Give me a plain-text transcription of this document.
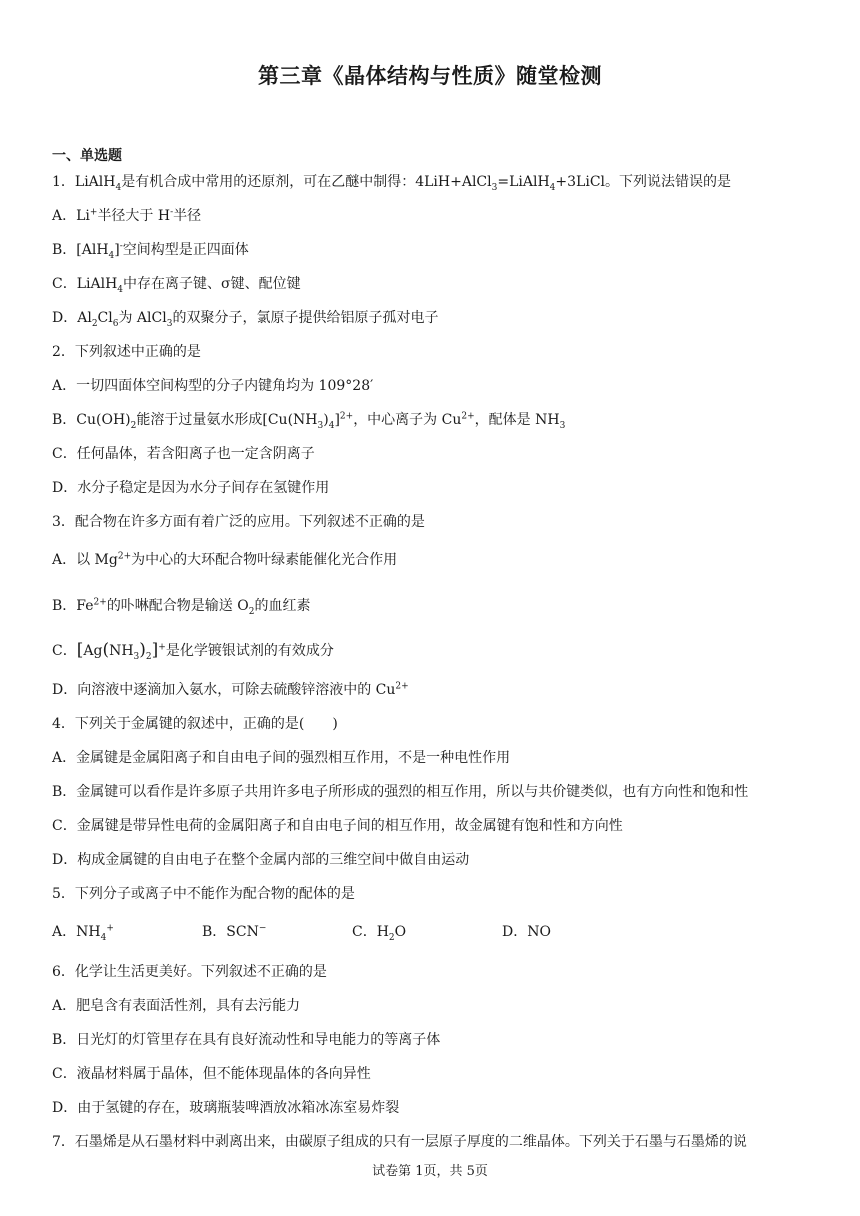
第三章《晶体结构与性质》随堂检测
一、单选题
1．LiAlH$_4$是有机合成中常用的还原剂，可在乙醚中制得：4LiH+AlCl$_3$=LiAlH$_4$+3LiCl。下列说法错误的是
A．Li+半径大于 H-半径
B．[AlH$_4$]-空间构型是正四面体
C．LiAlH$_4$中存在离子键、σ键、配位键
D．$Al_2Cl_6$为 AlCl$_3$的双聚分子，氯原子提供给铝原子孤对电子
2．下列叙述中正确的是
A．一切四面体空间构型的分子内键角均为 109°28′
B．$Cu(OH)_2$能溶于过量氨水形成$[Cu(NH_3)_4]^{2+}$，中心离子为 $Cu^{2+}$，配体是 $NH_3$
C．任何晶体，若含阳离子也一定含阴离子
D．水分子稳定是因为水分子间存在氢键作用
3．配合物在许多方面有着广泛的应用。下列叙述不正确的是
A．以 $Mg^{2+}$为中心的大环配合物叶绿素能催化光合作用
B．$Fe^{2+}$的卟啉配合物是输送 $O_2$的血红素
C．$[Ag(NH_3)_2]^+$是化学镀银试剂的有效成分
D．向溶液中逐滴加入氨水，可除去硫酸锌溶液中的 $Cu^{2+}$
4．下列关于金属键的叙述中，正确的是(　　)
A．金属键是金属阳离子和自由电子间的强烈相互作用，不是一种电性作用
B．金属键可以看作是许多原子共用许多电子所形成的强烈的相互作用，所以与共价键类似，也有方向性和饱和性
C．金属键是带异性电荷的金属阳离子和自由电子间的相互作用，故金属键有饱和性和方向性
D．构成金属键的自由电子在整个金属内部的三维空间中做自由运动
5．下列分子或离子中不能作为配合物的配体的是
A．$NH_4^+$	B．SCN−	C．$H_2O$	D．NO
6．化学让生活更美好。下列叙述不正确的是
A．肥皂含有表面活性剂，具有去污能力
B．日光灯的灯管里存在具有良好流动性和导电能力的等离子体
C．液晶材料属于晶体，但不能体现晶体的各向异性
D．由于氢键的存在，玻璃瓶装啤酒放冰箱冰冻室易炸裂
7．石墨烯是从石墨材料中剥离出来，由碳原子组成的只有一层原子厚度的二维晶体。下列关于石墨与石墨烯的说
试卷第 1页，共 5页
